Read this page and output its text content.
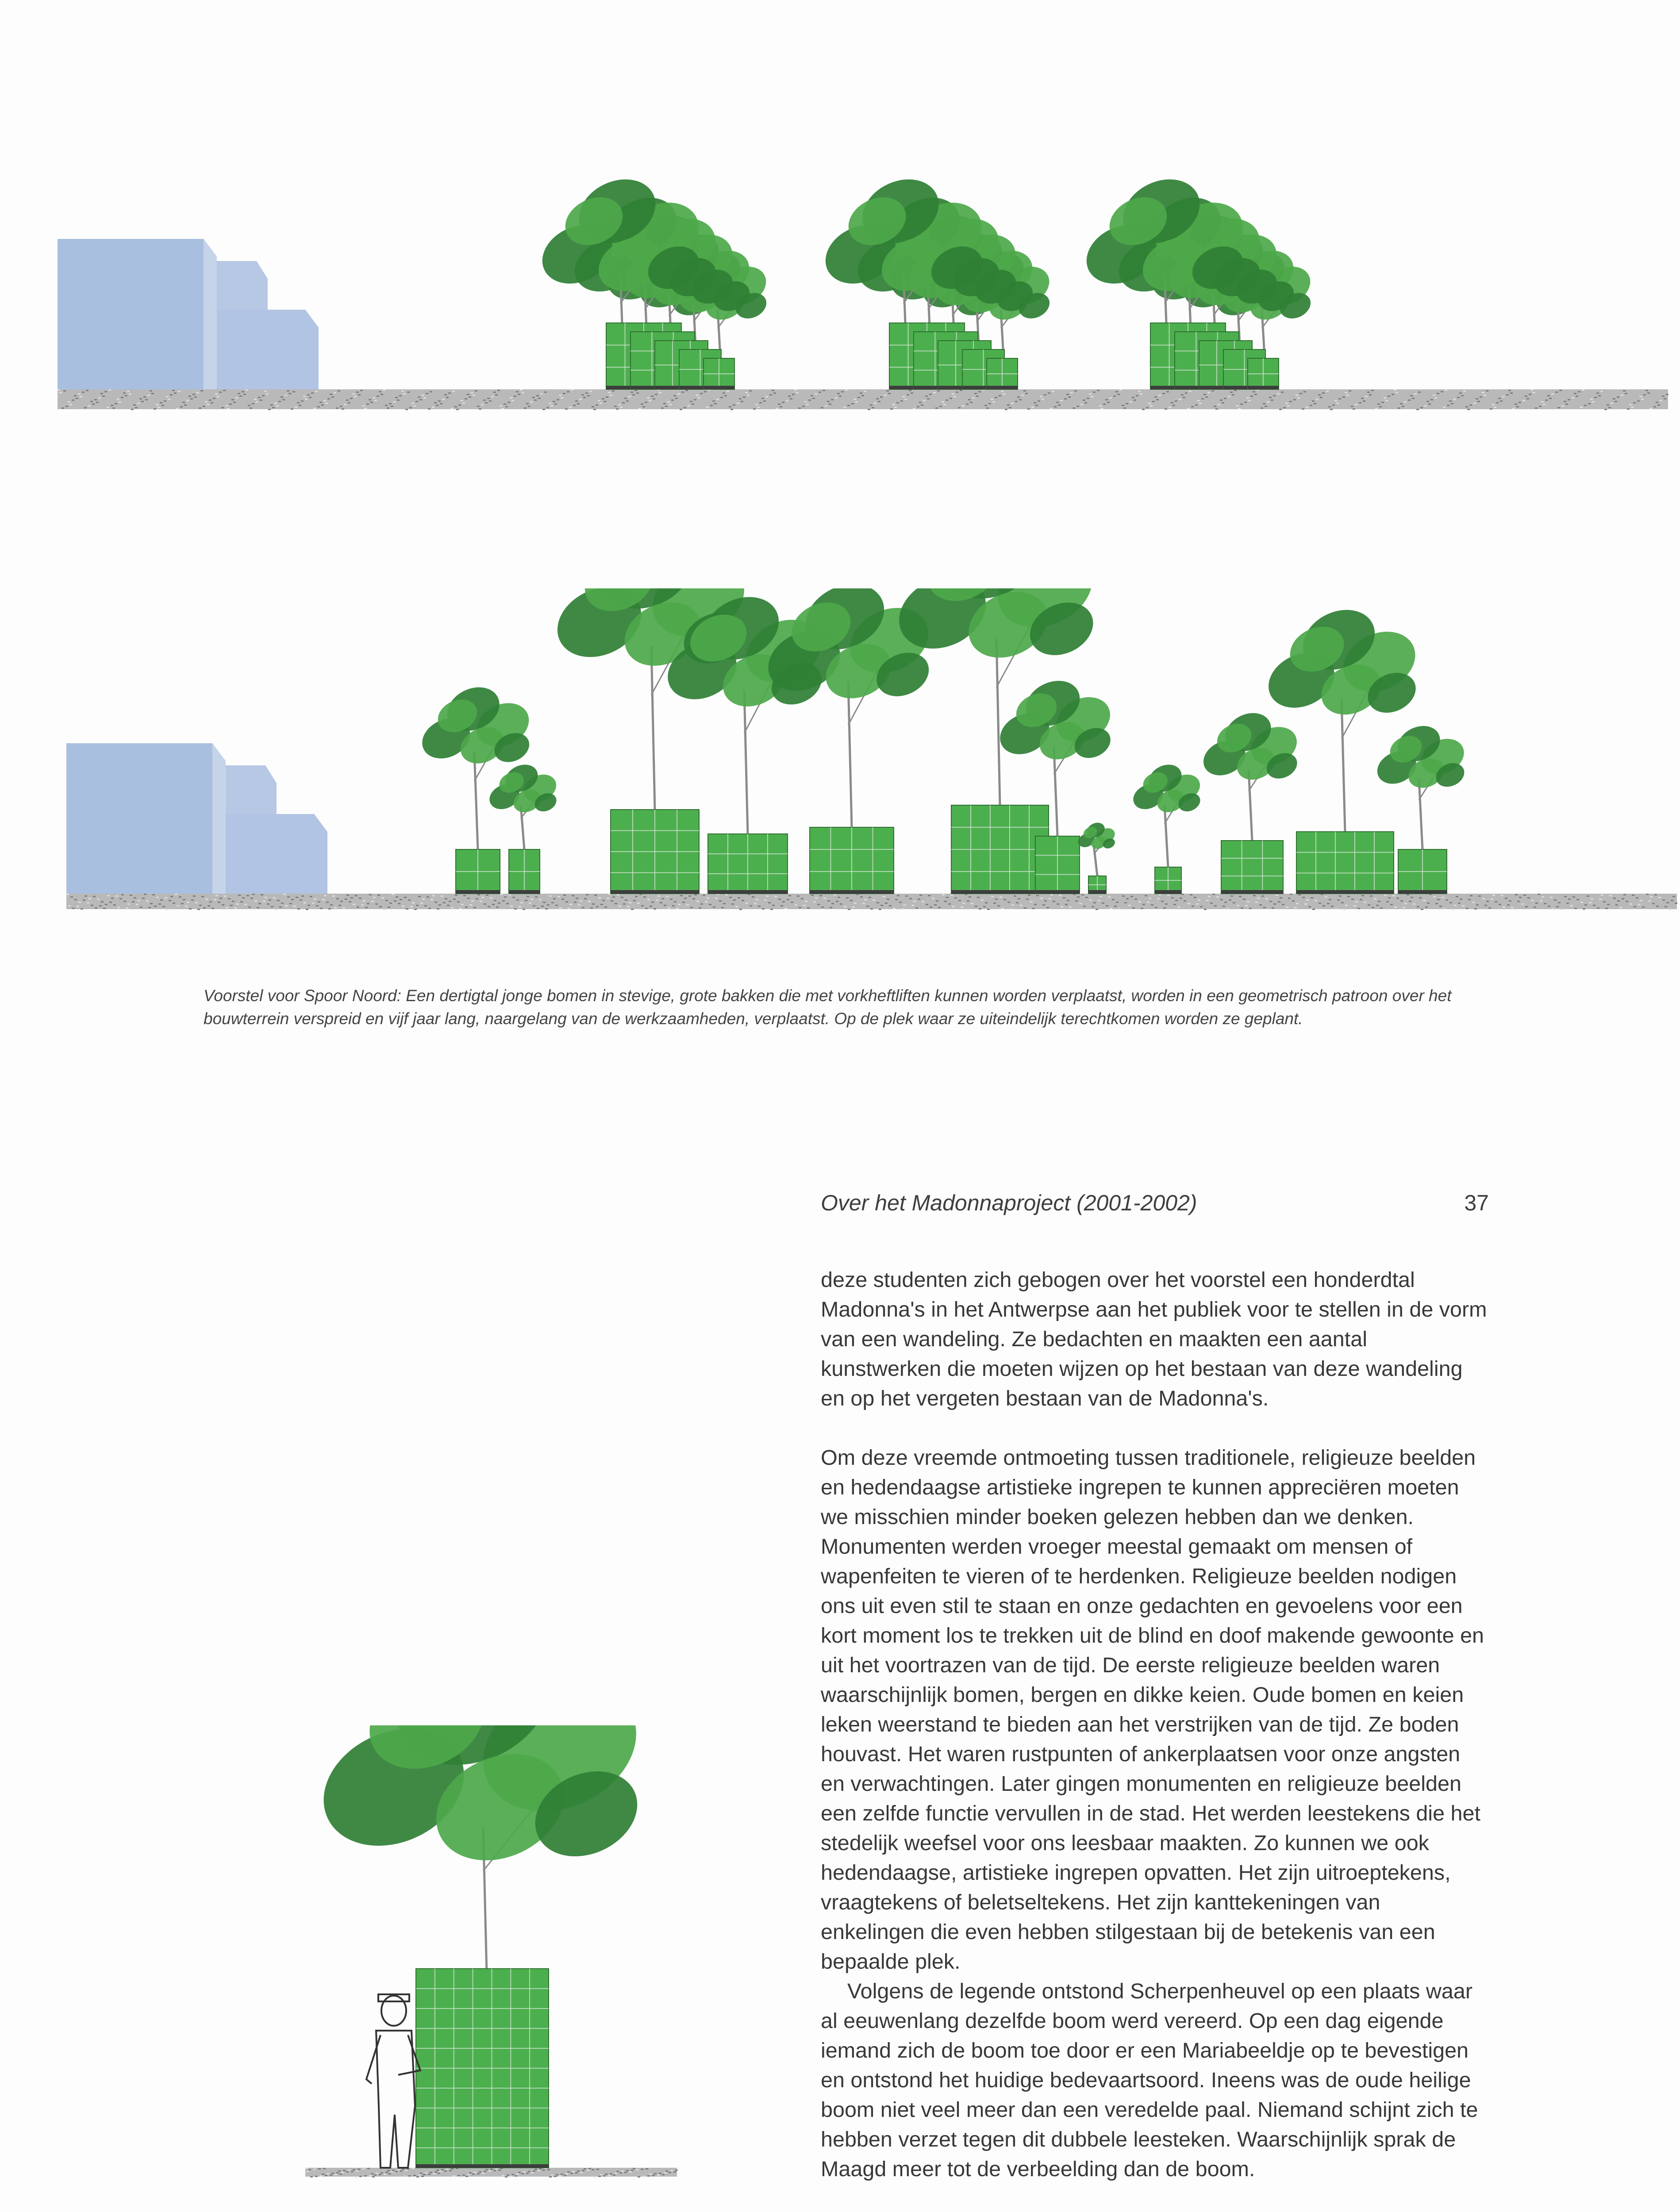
Voorstel voor Spoor Noord: Een dertigtal jonge bomen in stevige, grote bakken die met vorkheftliften kunnen worden verplaatst, worden in een geometrisch patroon over het bouwterrein verspreid en vijf jaar lang, naargelang van de werkzaamheden, verplaatst. Op de plek waar ze uiteindelijk terechtkomen worden ze geplant.

Over het Madonnaproject (2001-2002)	37

deze studenten zich gebogen over het voorstel een honderdtal Madonna's in het Antwerpse aan het publiek voor te stellen in de vorm van een wandeling. Ze bedachten en maakten een aantal kunstwerken die moeten wijzen op het bestaan van deze wandeling en op het vergeten bestaan van de Madonna's.

Om deze vreemde ontmoeting tussen traditionele, religieuze beelden en hedendaagse artistieke ingrepen te kunnen appreciëren moeten we misschien minder boeken gelezen hebben dan we denken. Monumenten werden vroeger meestal gemaakt om mensen of wapenfeiten te vieren of te herdenken. Religieuze beelden nodigen ons uit even stil te staan en onze gedachten en gevoelens voor een kort moment los te trekken uit de blind en doof makende gewoonte en uit het voortrazen van de tijd. De eerste religieuze beelden waren waarschijnlijk bomen, bergen en dikke keien. Oude bomen en keien leken weerstand te bieden aan het verstrijken van de tijd. Ze boden houvast. Het waren rustpunten of ankerplaatsen voor onze angsten en verwachtingen. Later gingen monumenten en religieuze beelden een zelfde functie vervullen in de stad. Het werden leestekens die het stedelijk weefsel voor ons leesbaar maakten. Zo kunnen we ook hedendaagse, artistieke ingrepen opvatten. Het zijn uitroeptekens, vraagtekens of beletseltekens. Het zijn kanttekeningen van enkelingen die even hebben stilgestaan bij de betekenis van een bepaalde plek.

Volgens de legende ontstond Scherpenheuvel op een plaats waar al eeuwenlang dezelfde boom werd vereerd. Op een dag eigende iemand zich de boom toe door er een Mariabeeldje op te bevestigen en ontstond het huidige bedevaartsoord. Ineens was de oude heilige boom niet veel meer dan een veredelde paal. Niemand schijnt zich te hebben verzet tegen dit dubbele leesteken. Waarschijnlijk sprak de Maagd meer tot de verbeelding dan de boom.
